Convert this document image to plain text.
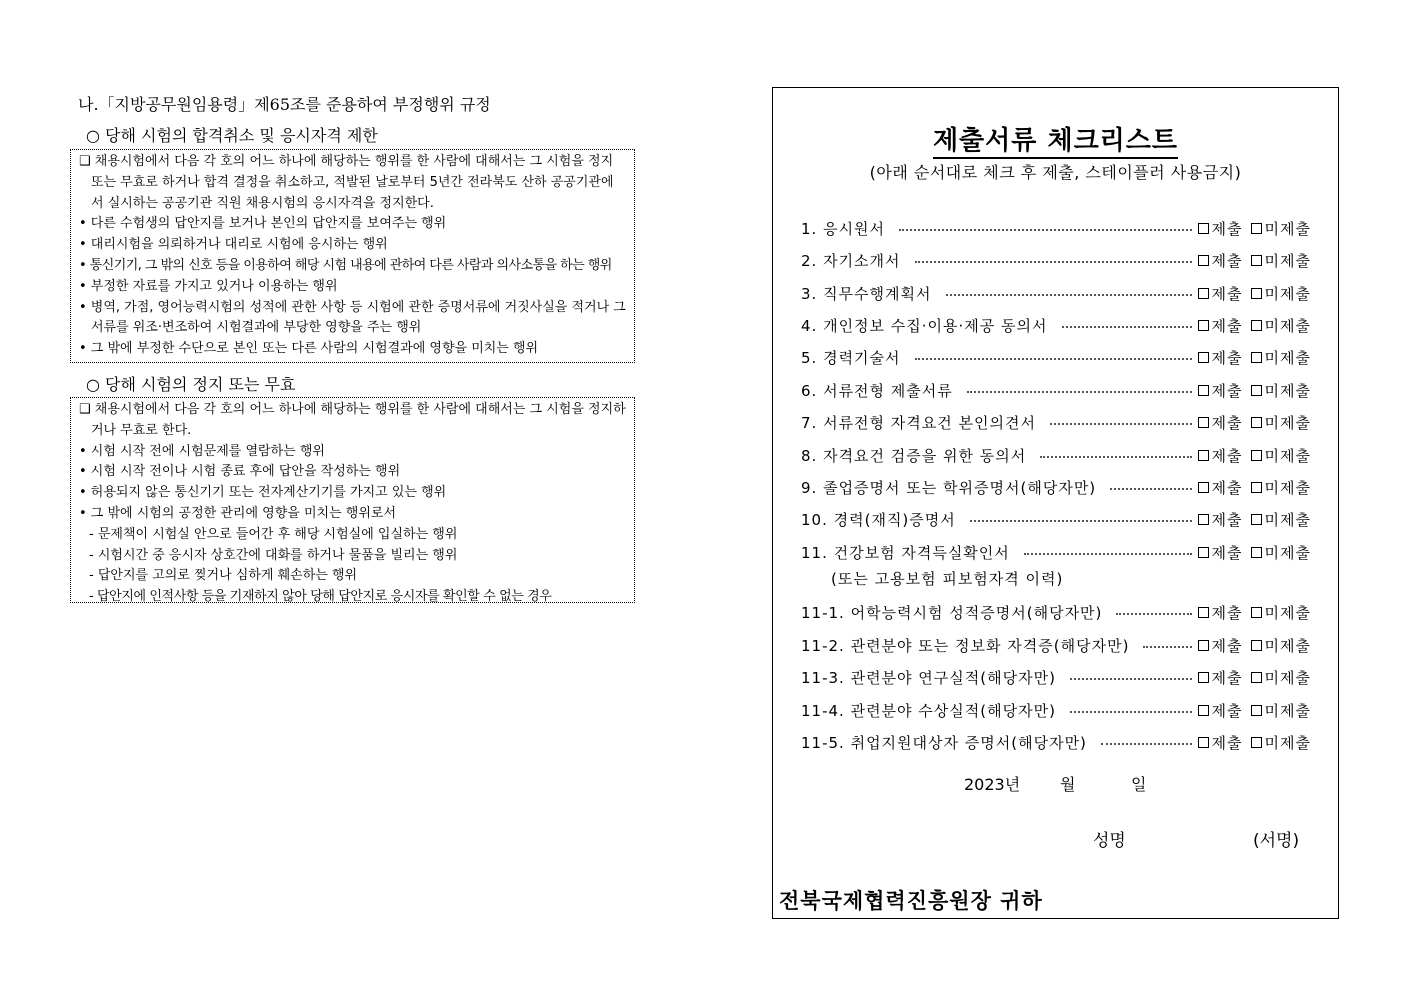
나.「지방공무원임용령」제65조를 준용하여 부정행위 규정
○ 당해 시험의 합격취소 및 응시자격 제한

❑ 채용시험에서 다음 각 호의 어느 하나에 해당하는 행위를 한 사람에 대해서는 그 시험을 정지 또는 무효로 하거나 합격 결정을 취소하고, 적발된 날로부터 5년간 전라북도 산하 공공기관에서 실시하는 공공기관 직원 채용시험의 응시자격을 정지한다.

• 다른 수험생의 답안지를 보거나 본인의 답안지를 보여주는 행위

• 대리시험을 의뢰하거나 대리로 시험에 응시하는 행위

• 통신기기, 그 밖의 신호 등을 이용하여 해당 시험 내용에 관하여 다른 사람과 의사소통을 하는 행위

• 부정한 자료를 가지고 있거나 이용하는 행위

• 병역, 가점, 영어능력시험의 성적에 관한 사항 등 시험에 관한 증명서류에 거짓사실을 적거나 그 서류를 위조·변조하여 시험결과에 부당한 영향을 주는 행위

• 그 밖에 부정한 수단으로 본인 또는 다른 사람의 시험결과에 영향을 미치는 행위

○ 당해 시험의 정지 또는 무효

❑ 채용시험에서 다음 각 호의 어느 하나에 해당하는 행위를 한 사람에 대해서는 그 시험을 정지하거나 무효로 한다.

• 시험 시작 전에 시험문제를 열람하는 행위

• 시험 시작 전이나 시험 종료 후에 답안을 작성하는 행위

• 허용되지 않은 통신기기 또는 전자계산기기를 가지고 있는 행위

• 그 밖에 시험의 공정한 관리에 영향을 미치는 행위로서

- 문제책이 시험실 안으로 들어간 후 해당 시험실에 입실하는 행위

- 시험시간 중 응시자 상호간에 대화를 하거나 물품을 빌리는 행위

- 답안지를 고의로 찢거나 심하게 훼손하는 행위

- 답안지에 인적사항 등을 기재하지 않아 당해 답안지로 응시자를 확인할 수 없는 경우

제출서류 체크리스트
(아래 순서대로 체크 후 제출, 스테이플러 사용금지)
1. 응시원서	제출 미제출
2. 자기소개서	제출 미제출
3. 직무수행계획서	제출 미제출
4. 개인정보 수집·이용·제공 동의서	제출 미제출
5. 경력기술서	제출 미제출
6. 서류전형 제출서류	제출 미제출
7. 서류전형 자격요건 본인의견서	제출 미제출
8. 자격요건 검증을 위한 동의서	제출 미제출
9. 졸업증명서 또는 학위증명서(해당자만)	제출 미제출
10. 경력(재직)증명서	제출 미제출
11. 건강보험 자격득실확인서	제출 미제출
11-1. 어학능력시험 성적증명서(해당자만)	제출 미제출
11-2. 관련분야 또는 정보화 자격증(해당자만)	제출 미제출
11-3. 관련분야 연구실적(해당자만)	제출 미제출
11-4. 관련분야 수상실적(해당자만)	제출 미제출
11-5. 취업지원대상자 증명서(해당자만)	제출 미제출
(또는 고용보험 피보험자격 이력)
2023년 월	일
성명	(서명)
전북국제협력진흥원장 귀하
